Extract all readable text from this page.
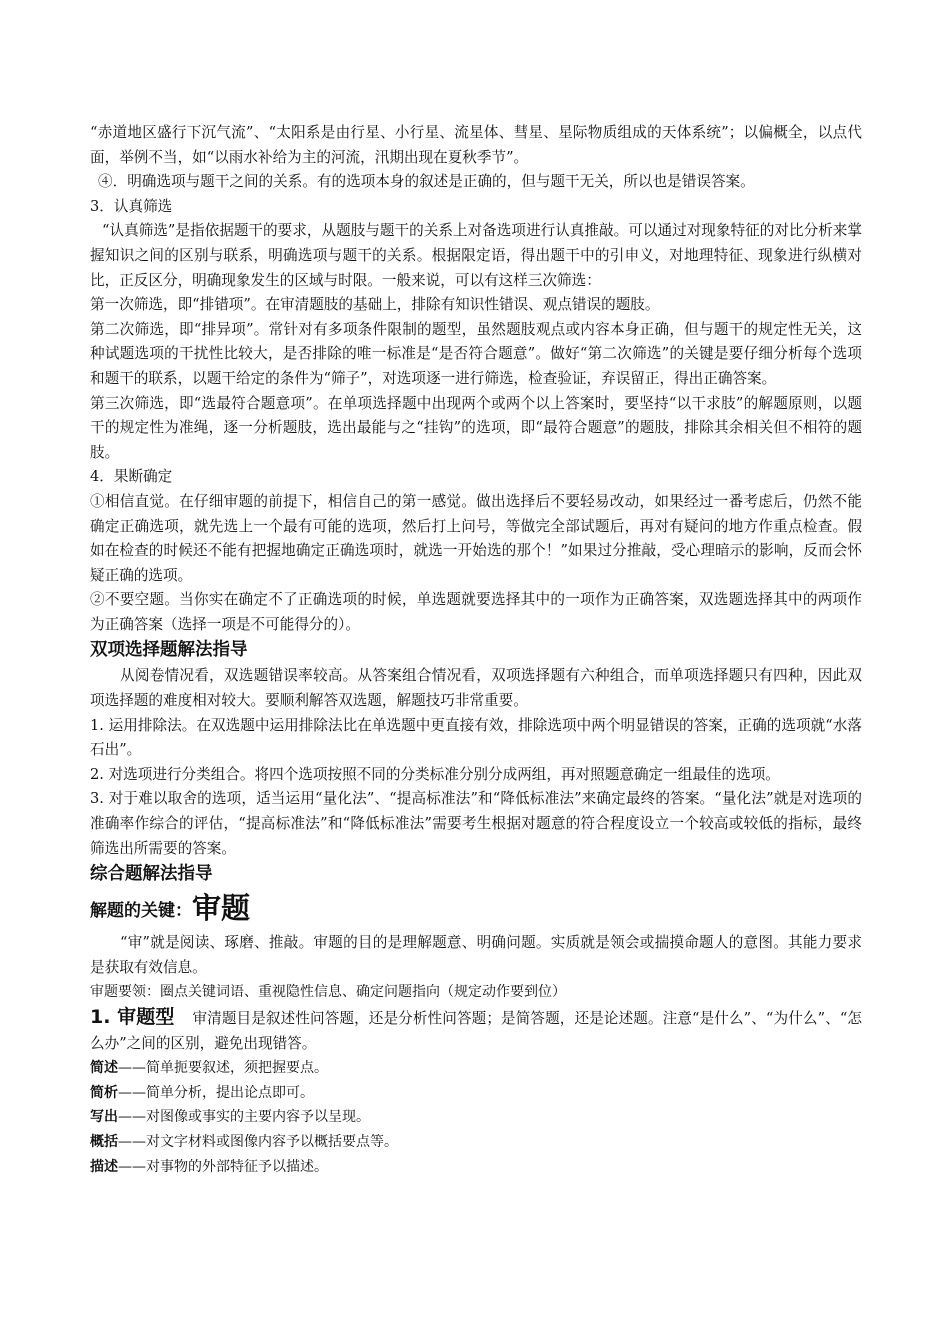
“赤道地区盛行下沉气流”、“太阳系是由行星、小行星、流星体、彗星、星际物质组成的天体系统”；以偏概全，以点代面，举例不当，如“以雨水补给为主的河流，汛期出现在夏秋季节”。

④．明确选项与题干之间的关系。有的选项本身的叙述是正确的，但与题干无关，所以也是错误答案。

3．认真筛选

“认真筛选”是指依据题干的要求，从题肢与题干的关系上对备选项进行认真推敲。可以通过对现象特征的对比分析来掌握知识之间的区别与联系，明确选项与题干的关系。根据限定语，得出题干中的引申义，对地理特征、现象进行纵横对比，正反区分，明确现象发生的区域与时限。一般来说，可以有这样三次筛选：

第一次筛选，即“排错项”。在审清题肢的基础上，排除有知识性错误、观点错误的题肢。

第二次筛选，即“排异项”。常针对有多项条件限制的题型，虽然题肢观点或内容本身正确，但与题干的规定性无关，这种试题选项的干扰性比较大，是否排除的唯一标准是“是否符合题意”。做好“第二次筛选”的关键是要仔细分析每个选项和题干的联系，以题干给定的条件为“筛子”，对选项逐一进行筛选，检查验证，弃误留正，得出正确答案。

第三次筛选，即“选最符合题意项”。在单项选择题中出现两个或两个以上答案时，要坚持“以干求肢”的解题原则，以题干的规定性为准绳，逐一分析题肢，选出最能与之“挂钩”的选项，即“最符合题意”的题肢，排除其余相关但不相符的题肢。

4．果断确定

①相信直觉。在仔细审题的前提下，相信自己的第一感觉。做出选择后不要轻易改动，如果经过一番考虑后，仍然不能确定正确选项，就先选上一个最有可能的选项，然后打上问号，等做完全部试题后，再对有疑问的地方作重点检查。假如在检查的时候还不能有把握地确定正确选项时，就选一开始选的那个！”如果过分推敲，受心理暗示的影响，反而会怀疑正确的选项。

②不要空题。当你实在确定不了正确选项的时候，单选题就要选择其中的一项作为正确答案，双选题选择其中的两项作为正确答案（选择一项是不可能得分的）。

双项选择题解法指导

从阅卷情况看，双选题错误率较高。从答案组合情况看，双项选择题有六种组合，而单项选择题只有四种，因此双项选择题的难度相对较大。要顺利解答双选题，解题技巧非常重要。

1. 运用排除法。在双选题中运用排除法比在单选题中更直接有效，排除选项中两个明显错误的答案，正确的选项就“水落石出”。

2. 对选项进行分类组合。将四个选项按照不同的分类标准分别分成两组，再对照题意确定一组最佳的选项。

3. 对于难以取舍的选项，适当运用“量化法”、“提高标准法”和“降低标准法”来确定最终的答案。“量化法”就是对选项的准确率作综合的评估，“提高标准法”和“降低标准法”需要考生根据对题意的符合程度设立一个较高或较低的指标，最终筛选出所需要的答案。

综合题解法指导

解题的关键：审题

“审”就是阅读、琢磨、推敲。审题的目的是理解题意、明确问题。实质就是领会或揣摸命题人的意图。其能力要求是获取有效信息。

审题要领：圈点关键词语、重视隐性信息、确定问题指向（规定动作要到位）

1. 审题型 审清题目是叙述性问答题，还是分析性问答题；是简答题，还是论述题。注意“是什么”、“为什么”、“怎么办”之间的区别，避免出现错答。

简述——简单扼要叙述，须把握要点。

简析——简单分析，提出论点即可。

写出——对图像或事实的主要内容予以呈现。

概括——对文字材料或图像内容予以概括要点等。

描述——对事物的外部特征予以描述。
